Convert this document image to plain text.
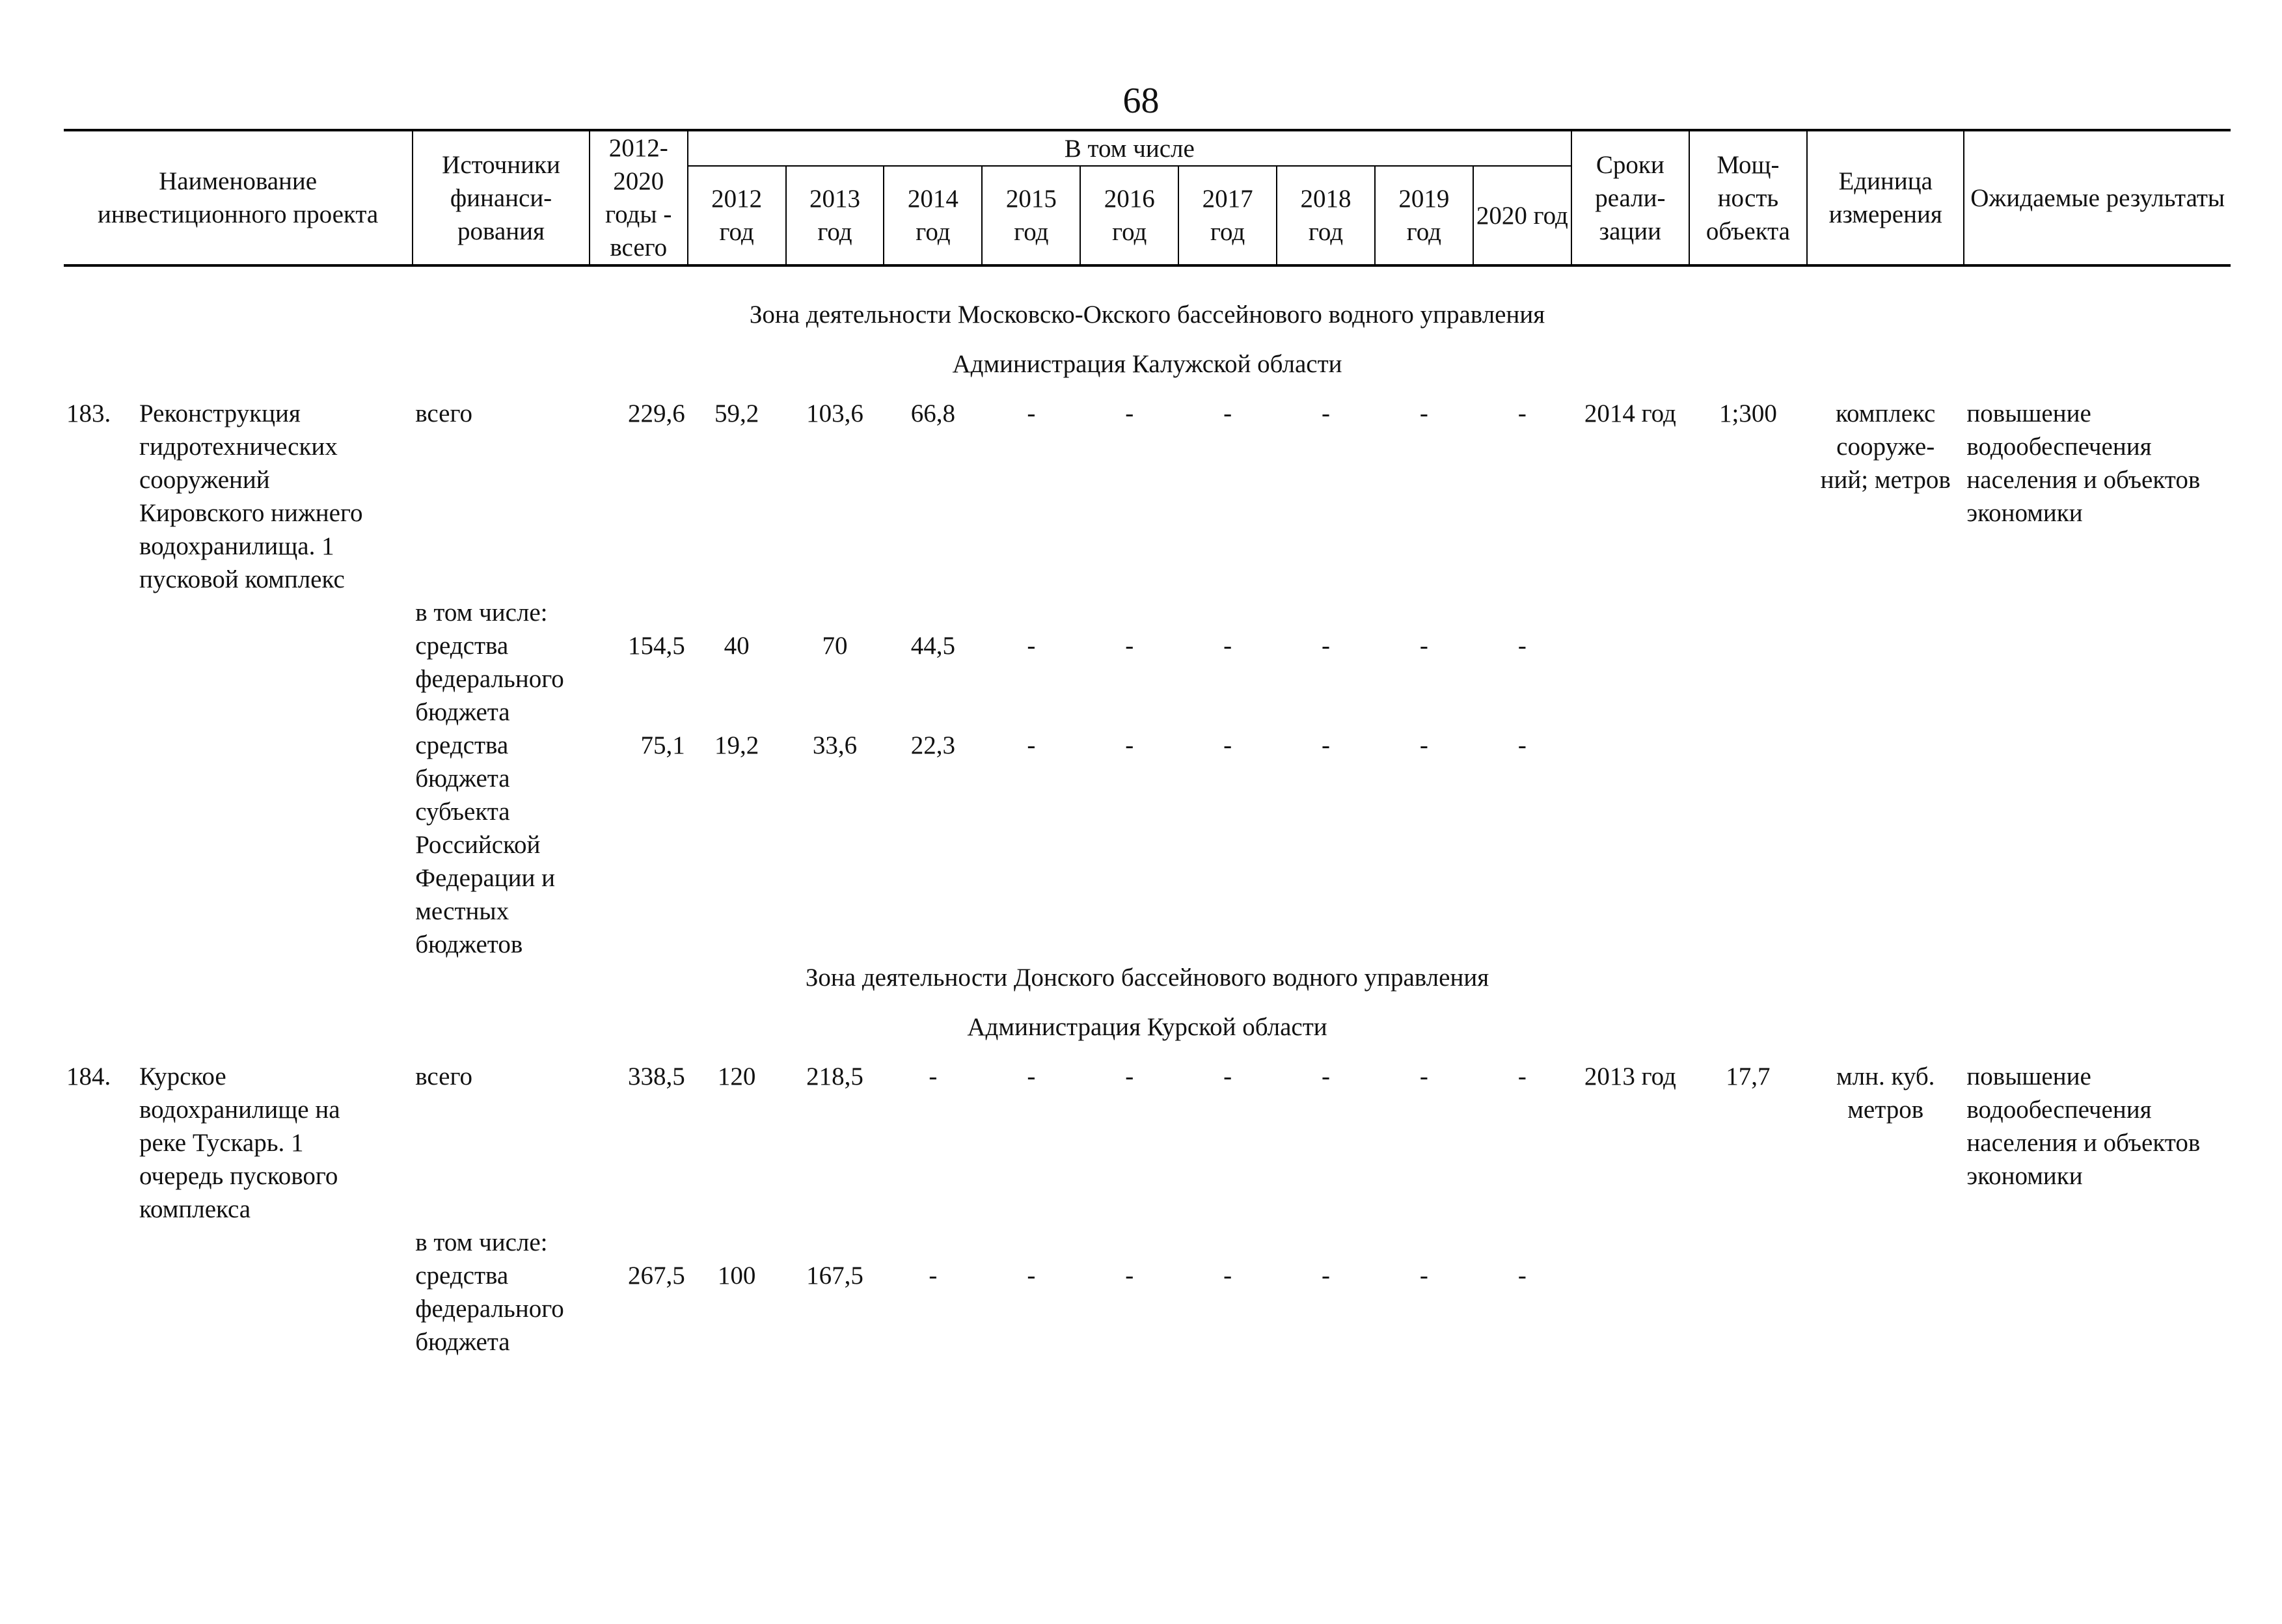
68
Наименование инвестиционного проекта	Источники финанси- рования	2012- 2020 годы - всего	В том числе									Сроки реали- зации	Мощ- ность объекта	Единица измерения	Ожидаемые результаты
			2012 год	2013 год	2014 год	2015 год	2016 год	2017 год	2018 год	2019 год	2020 год				

Зона деятельности Московско-Окского бассейнового водного управления															
Администрация Калужской области															
183. Реконструкция гидротехнических сооружений Кировского нижнего водохранилища. 1 пусковой комплекс	всего	229,6	59,2	103,6	66,8	-	-	-	-	-	-	2014 год	1;300	комплекс сооруже- ний; метров	повышение водообеспечения населения и объектов экономики
	в том числе:														
	средства федерального бюджета	154,5	40	70	44,5	-	-	-	-	-	-				
	средства бюджета субъекта Российской Федерации и местных бюджетов	75,1	19,2	33,6	22,3	-	-	-	-	-	-				
Зона деятельности Донского бассейнового водного управления															
Администрация Курской области															
184. Курское водохранилище на реке Тускарь. 1 очередь пускового комплекса	всего	338,5	120	218,5	-	-	-	-	-	-	-	2013 год	17,7	млн. куб. метров	повышение водообеспечения населения и объектов экономики
	в том числе:														
	средства федерального бюджета	267,5	100	167,5	-	-	-	-	-	-	-				
